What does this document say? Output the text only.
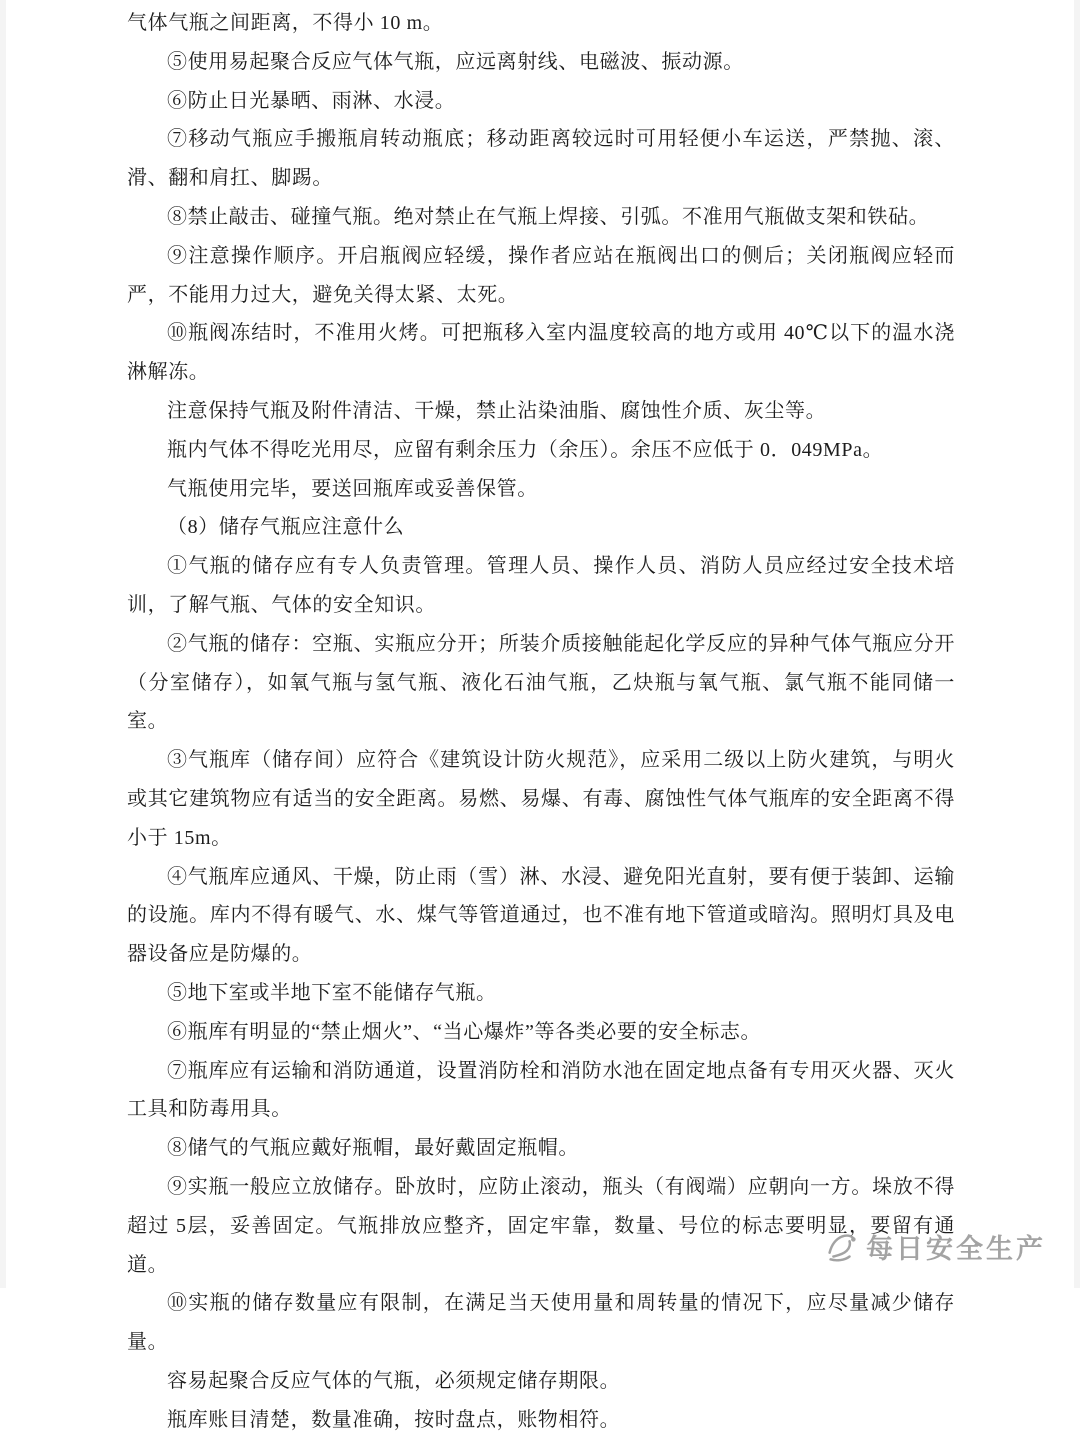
气体气瓶之间距离，不得小 10 m。

⑤使用易起聚合反应气体气瓶，应远离射线、电磁波、振动源。

⑥防止日光暴晒、雨淋、水浸。

⑦移动气瓶应手搬瓶肩转动瓶底；移动距离较远时可用轻便小车运送，严禁抛、滚、滑、翻和肩扛、脚踢。

⑧禁止敲击、碰撞气瓶。绝对禁止在气瓶上焊接、引弧。不准用气瓶做支架和铁砧。

⑨注意操作顺序。开启瓶阀应轻缓，操作者应站在瓶阀出口的侧后；关闭瓶阀应轻而严，不能用力过大，避免关得太紧、太死。

⑩瓶阀冻结时，不准用火烤。可把瓶移入室内温度较高的地方或用 40℃以下的温水浇淋解冻。

注意保持气瓶及附件清洁、干燥，禁止沾染油脂、腐蚀性介质、灰尘等。

瓶内气体不得吃光用尽，应留有剩余压力（余压）。余压不应低于 0．049MPa。

气瓶使用完毕，要送回瓶库或妥善保管。

（8）储存气瓶应注意什么

①气瓶的储存应有专人负责管理。管理人员、操作人员、消防人员应经过安全技术培训，了解气瓶、气体的安全知识。

②气瓶的储存：空瓶、实瓶应分开；所装介质接触能起化学反应的异种气体气瓶应分开（分室储存），如氧气瓶与氢气瓶、液化石油气瓶，乙炔瓶与氧气瓶、氯气瓶不能同储一室。

③气瓶库（储存间）应符合《建筑设计防火规范》，应采用二级以上防火建筑，与明火或其它建筑物应有适当的安全距离。易燃、易爆、有毒、腐蚀性气体气瓶库的安全距离不得小于 15m。

④气瓶库应通风、干燥，防止雨（雪）淋、水浸、避免阳光直射，要有便于装卸、运输的设施。库内不得有暖气、水、煤气等管道通过，也不准有地下管道或暗沟。照明灯具及电器设备应是防爆的。

⑤地下室或半地下室不能储存气瓶。

⑥瓶库有明显的“禁止烟火”、“当心爆炸”等各类必要的安全标志。

⑦瓶库应有运输和消防通道，设置消防栓和消防水池在固定地点备有专用灭火器、灭火工具和防毒用具。

⑧储气的气瓶应戴好瓶帽，最好戴固定瓶帽。

⑨实瓶一般应立放储存。卧放时，应防止滚动，瓶头（有阀端）应朝向一方。垛放不得超过 5层，妥善固定。气瓶排放应整齐，固定牢靠，数量、号位的标志要明显，要留有通道。

⑩实瓶的储存数量应有限制，在满足当天使用量和周转量的情况下，应尽量减少储存量。

容易起聚合反应气体的气瓶，必须规定储存期限。

瓶库账目清楚，数量准确，按时盘点，账物相符。

每日安全生产
